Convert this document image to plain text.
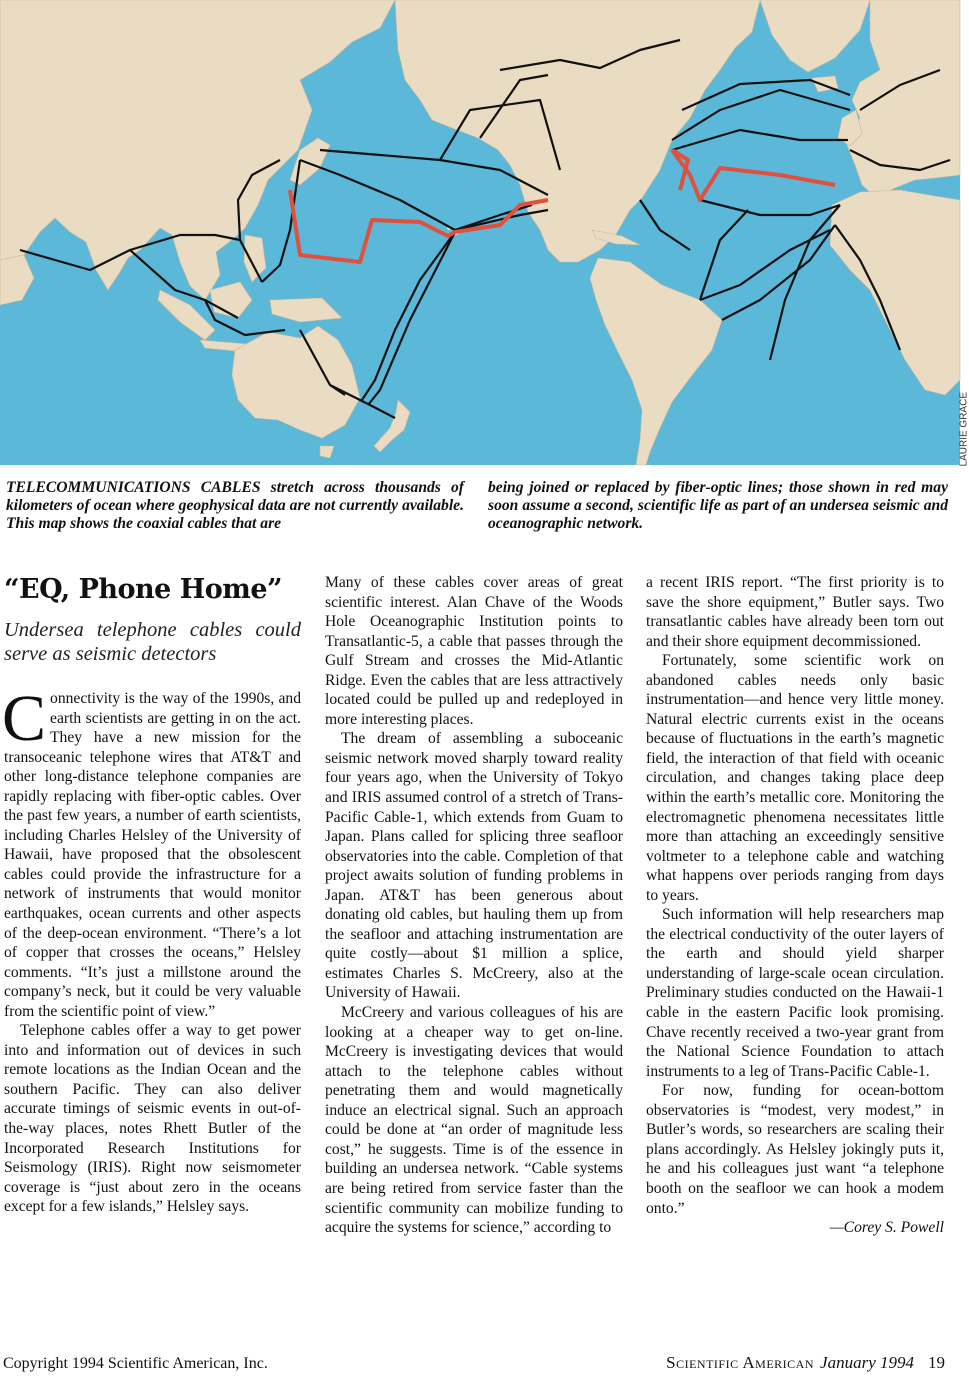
LAURIE GRACE
TELECOMMUNICATIONS CABLES stretch across thousands of kilometers of ocean where geophysical data are not currently available. This map shows the coaxial cables that are
being joined or replaced by fiber-optic lines; those shown in red may soon assume a second, scientific life as part of an undersea seismic and oceanographic network.
“EQ, Phone Home”
Undersea telephone cables could serve as seismic detectors

Connectivity is the way of the 1990s, and earth scientists are getting in on the act. They have a new mission for the transoceanic telephone wires that AT&T and other long-distance telephone companies are rapidly replacing with fiber-optic cables. Over the past few years, a number of earth scientists, including Charles Helsley of the University of Hawaii, have proposed that the obsolescent cables could provide the infrastructure for a network of instruments that would monitor earthquakes, ocean currents and other aspects of the deep-ocean environment. “There’s a lot of copper that crosses the oceans,” Helsley comments. “It’s just a millstone around the company’s neck, but it could be very valuable from the scientific point of view.”

Telephone cables offer a way to get power into and information out of devices in such remote locations as the Indian Ocean and the southern Pacific. They can also deliver accurate timings of seismic events in out-of-the-way places, notes Rhett Butler of the Incorporated Research Institutions for Seismology (IRIS). Right now seismometer coverage is “just about zero in the oceans except for a few islands,” Helsley says.

Many of these cables cover areas of great scientific interest. Alan Chave of the Woods Hole Oceanographic Institution points to Transatlantic-5, a cable that passes through the Gulf Stream and crosses the Mid-Atlantic Ridge. Even the cables that are less attractively located could be pulled up and redeployed in more interesting places.

The dream of assembling a suboceanic seismic network moved sharply toward reality four years ago, when the University of Tokyo and IRIS assumed control of a stretch of Trans-Pacific Cable-1, which extends from Guam to Japan. Plans called for splicing three seafloor observatories into the cable. Completion of that project awaits solution of funding problems in Japan. AT&T has been generous about donating old cables, but hauling them up from the seafloor and attaching instrumentation are quite costly—about $1 million a splice, estimates Charles S. McCreery, also at the University of Hawaii.

McCreery and various colleagues of his are looking at a cheaper way to get on-line. McCreery is investigating devices that would attach to the telephone cables without penetrating them and would magnetically induce an electrical signal. Such an approach could be done at “an order of magnitude less cost,” he suggests. Time is of the essence in building an undersea network. “Cable systems are being retired from service faster than the scientific community can mobilize funding to acquire the systems for science,” according to

a recent IRIS report. “The first priority is to save the shore equipment,” Butler says. Two transatlantic cables have already been torn out and their shore equipment decommissioned.

Fortunately, some scientific work on abandoned cables needs only basic instrumentation—and hence very little money. Natural electric currents exist in the oceans because of fluctuations in the earth’s magnetic field, the interaction of that field with oceanic circulation, and changes taking place deep within the earth’s metallic core. Monitoring the electromagnetic phenomena necessitates little more than attaching an exceedingly sensitive voltmeter to a telephone cable and watching what happens over periods ranging from days to years.

Such information will help researchers map the electrical conductivity of the outer layers of the earth and should yield sharper understanding of large-scale ocean circulation. Preliminary studies conducted on the Hawaii-1 cable in the eastern Pacific look promising. Chave recently received a two-year grant from the National Science Foundation to attach instruments to a leg of Trans-Pacific Cable-1.

For now, funding for ocean-bottom observatories is “modest, very modest,” in Butler’s words, so researchers are scaling their plans accordingly. As Helsley jokingly puts it, he and his colleagues just want “a telephone booth on the seafloor we can hook a modem onto.”

—Corey S. Powell
Copyright 1994 Scientific American, Inc.	Scientific American January 1994 19
